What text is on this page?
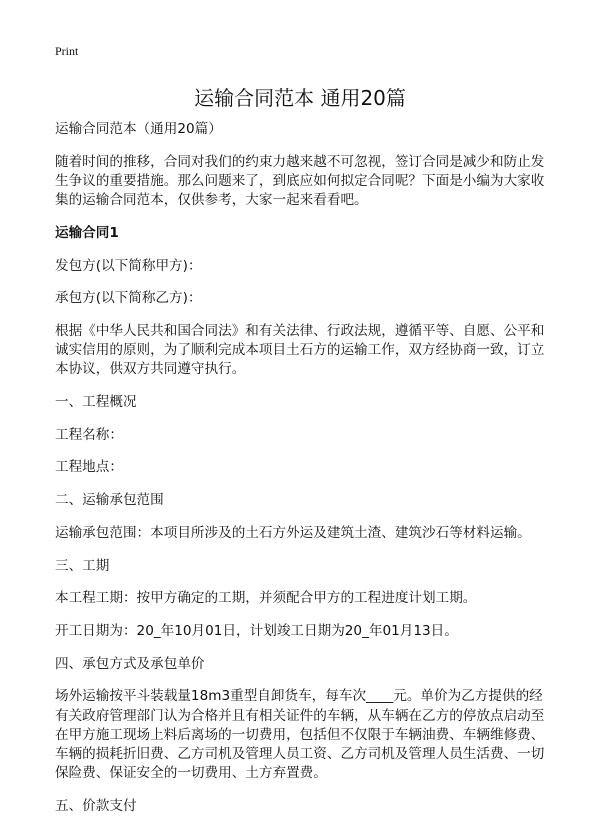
Print
运输合同范本 通用20篇
运输合同范本（通用20篇）
随着时间的推移，合同对我们的约束力越来越不可忽视，签订合同是减少和防止发
生争议的重要措施。那么问题来了，到底应如何拟定合同呢？下面是小编为大家收
集的运输合同范本，仅供参考，大家一起来看看吧。
运输合同1
发包方(以下简称甲方)：
承包方(以下简称乙方)：
根据《中华人民共和国合同法》和有关法律、行政法规，遵循平等、自愿、公平和
诚实信用的原则，为了顺利完成本项目土石方的运输工作，双方经协商一致，订立
本协议，供双方共同遵守执行。
一、工程概况
工程名称：
工程地点：
二、运输承包范围
运输承包范围：本项目所涉及的土石方外运及建筑土渣、建筑沙石等材料运输。
三、工期
本工程工期：按甲方确定的工期，并须配合甲方的工程进度计划工期。
开工日期为：20_年10月01日，计划竣工日期为20_年01月13日。
四、承包方式及承包单价
场外运输按平斗装载量18m3重型自卸货车，每车次____元。单价为乙方提供的经
有关政府管理部门认为合格并且有相关证件的车辆，从车辆在乙方的停放点启动至
在甲方施工现场上料后离场的一切费用，包括但不仅限于车辆油费、车辆维修费、
车辆的损耗折旧费、乙方司机及管理人员工资、乙方司机及管理人员生活费、一切
保险费、保证安全的一切费用、土方弃置费。
五、价款支付
